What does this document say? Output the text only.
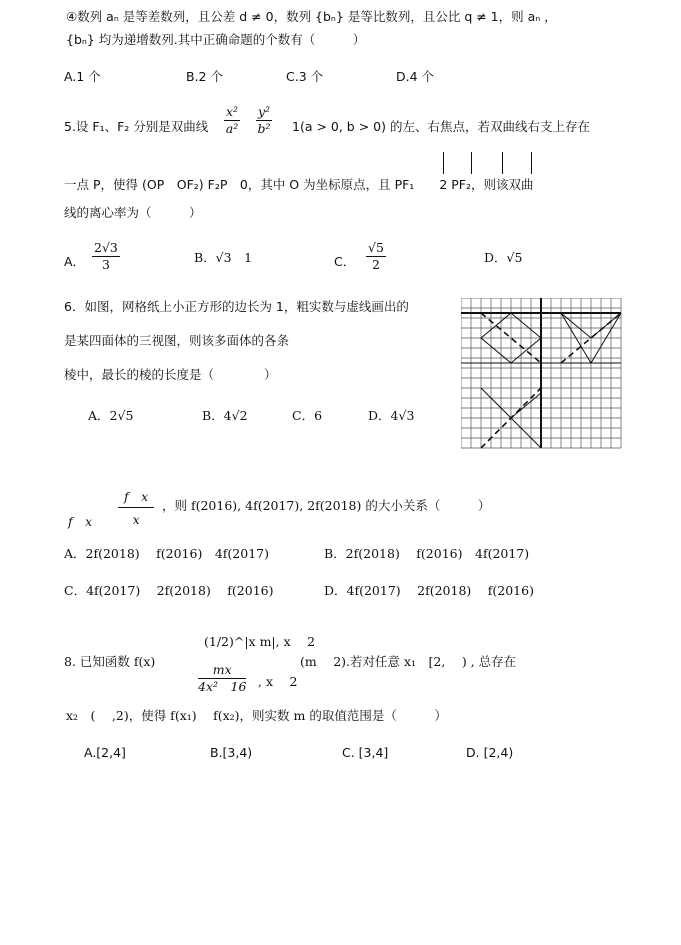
④数列 aₙ 是等差数列，且公差 d ≠ 0，数列 {bₙ} 是等比数列，且公比 q ≠ 1，则 aₙ ，
{bₙ} 均为递增数列.其中正确命题的个数有（　　　）
A.1 个	B.2 个	C.3 个	D.4 个
5.设 F₁、F₂ 分别是双曲线 $\frac{\text{x²}}{\text{a²}} \frac{\text{y²}}{\text{b²}} 1(a > 0$, b > 0) 的左、右焦点，若双曲线右支上存在
一点 P，使得 (OP　OF₂) F₂P　0，其中 O 为坐标原点，且 PF₁　　2 PF₂，则该双曲
线的离心率为（　　　）
A． $\frac{2√3}{3}$	B．√3　1	C． $\frac{√5}{2}$	D．√5
6．如图，网格纸上小正方形的边长为 1，粗实数与虚线画出的
是某四面体的三视图，则该多面体的各条
棱中，最长的棱的长度是（　　　　）
A．2√5	B．4√2	C．6	D．4√3
f　x $\frac{\text{f　x}}{x}$ ，则 f(2016), 4f(2017), 2f(2018) 的大小关系（　　　）
A．2f(2018)　 f(2016)　4f(2017)	B．2f(2018)　 f(2016)　4f(2017)
C．4f(2017)　 2f(2018)　 f(2016)	D．4f(2017)　 2f(2018)　 f(2016)
8. 已知函数 f(x)
(1/2)^|x m|, x　 2
$\frac{mx}{\text{4x²　16}}$ , x　 2
(m　 2).若对任意 x₁　[2,　 ) , 总存在
x₂　(　 ,2)，使得 f(x₁)　 f(x₂)，则实数 m 的取值范围是（　　　）
A.[2,4]	B.[3,4)	C. [3,4]	D. [2,4)
